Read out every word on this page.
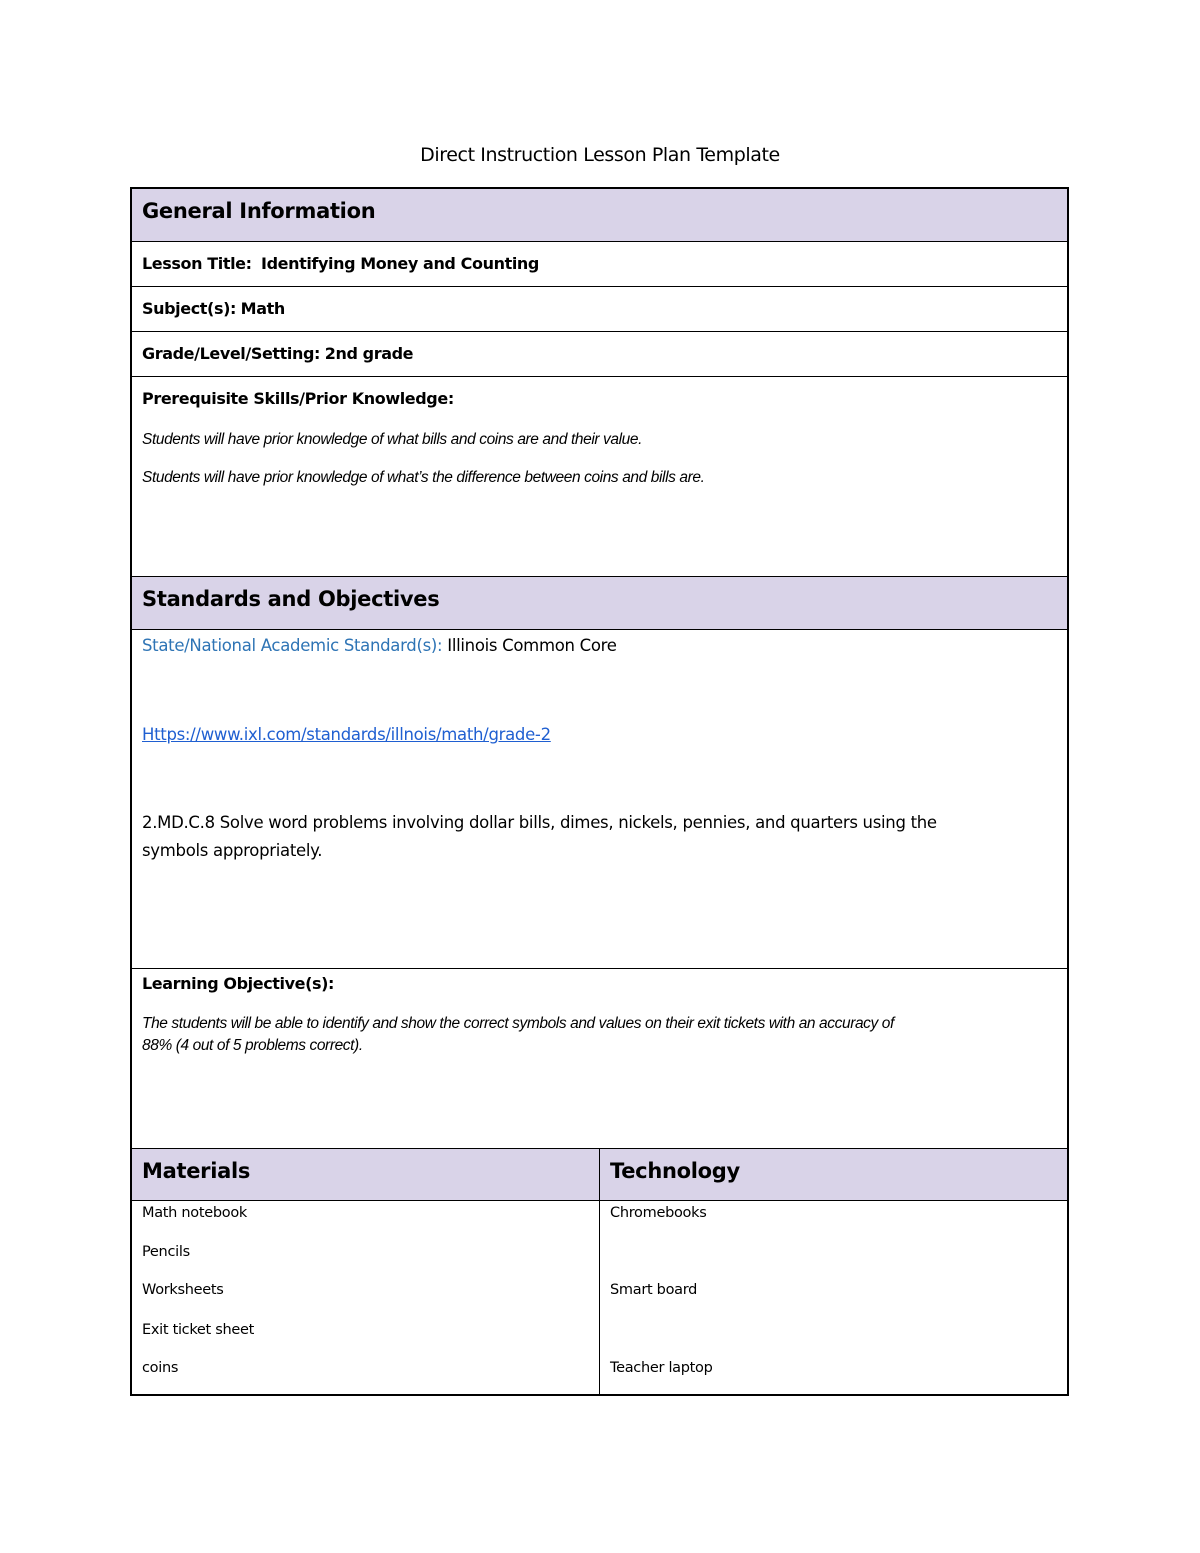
Direct Instruction Lesson Plan Template
General Information
Lesson Title: Identifying Money and Counting
Subject(s): Math
Grade/Level/Setting: 2nd grade
Prerequisite Skills/Prior Knowledge:
Students will have prior knowledge of what bills and coins are and their value.
Students will have prior knowledge of what’s the difference between coins and bills are.
Standards and Objectives
State/National Academic Standard(s): Illinois Common Core
Https://www.ixl.com/standards/illnois/math/grade-2
2.MD.C.8 Solve word problems involving dollar bills, dimes, nickels, pennies, and quarters using the
symbols appropriately.
Learning Objective(s):
The students will be able to identify and show the correct symbols and values on their exit tickets with an accuracy of
88% (4 out of 5 problems correct).
Materials	Technology
Math notebook
Pencils
Worksheets
Exit ticket sheet
coins
Chromebooks
Smart board
Teacher laptop
